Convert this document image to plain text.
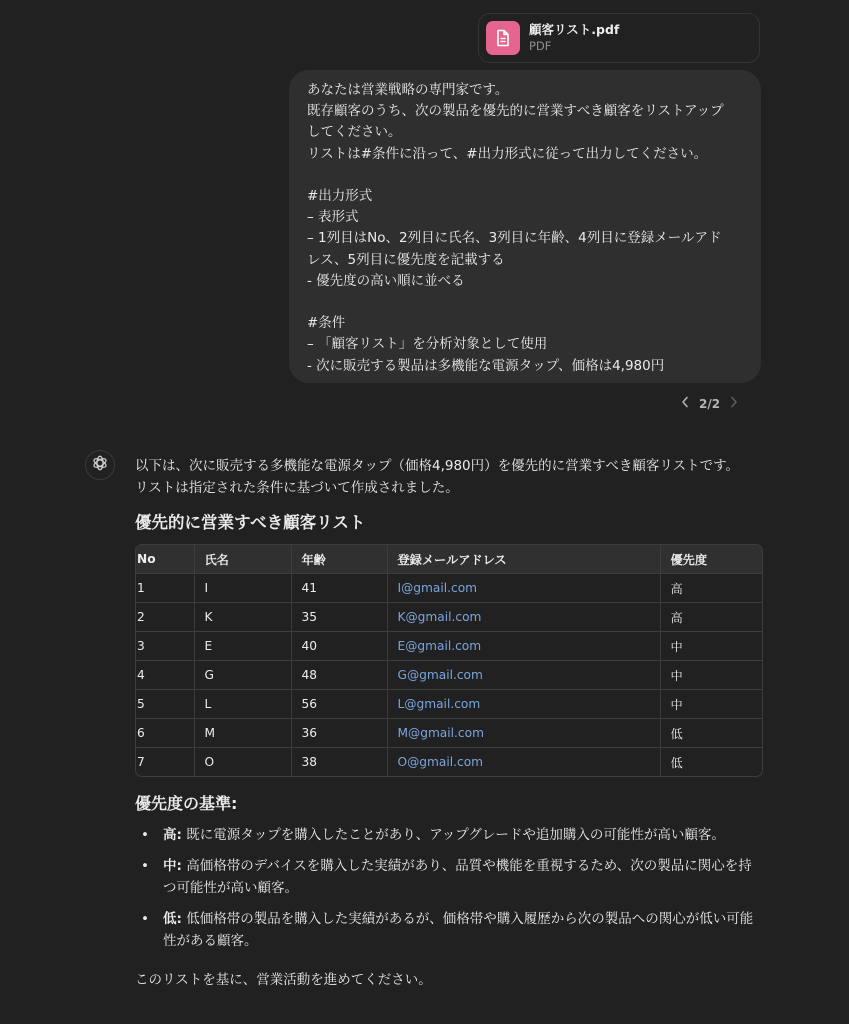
顧客リスト.pdf
PDF
あなたは営業戦略の専門家です。
既存顧客のうち、次の製品を優先的に営業すべき顧客をリストアップ
してください。
リストは#条件に沿って、#出力形式に従って出力してください。
#出力形式
– 表形式
– 1列目はNo、2列目に氏名、3列目に年齢、4列目に登録メールアド
レス、5列目に優先度を記載する
- 優先度の高い順に並べる
#条件
– 「顧客リスト」を分析対象として使用
- 次に販売する製品は多機能な電源タップ、価格は4,980円
2/2

以下は、次に販売する多機能な電源タップ（価格4,980円）を優先的に営業すべき顧客リストです。

リストは指定された条件に基づいて作成されました。

優先的に営業すべき顧客リスト
No	氏名	年齢	登録メールアドレス	優先度
1	I	41	I@gmail.com	高
2	K	35	K@gmail.com	高
3	E	40	E@gmail.com	中
4	G	48	G@gmail.com	中
5	L	56	L@gmail.com	中
6	M	36	M@gmail.com	低
7	O	38	O@gmail.com	低
優先度の基準:
• 高: 既に電源タップを購入したことがあり、アップグレードや追加購入の可能性が高い顧客。
• 中: 高価格帯のデバイスを購入した実績があり、品質や機能を重視するため、次の製品に関心を持つ可能性が高い顧客。
• 低: 低価格帯の製品を購入した実績があるが、価格帯や購入履歴から次の製品への関心が低い可能性がある顧客。

このリストを基に、営業活動を進めてください。
